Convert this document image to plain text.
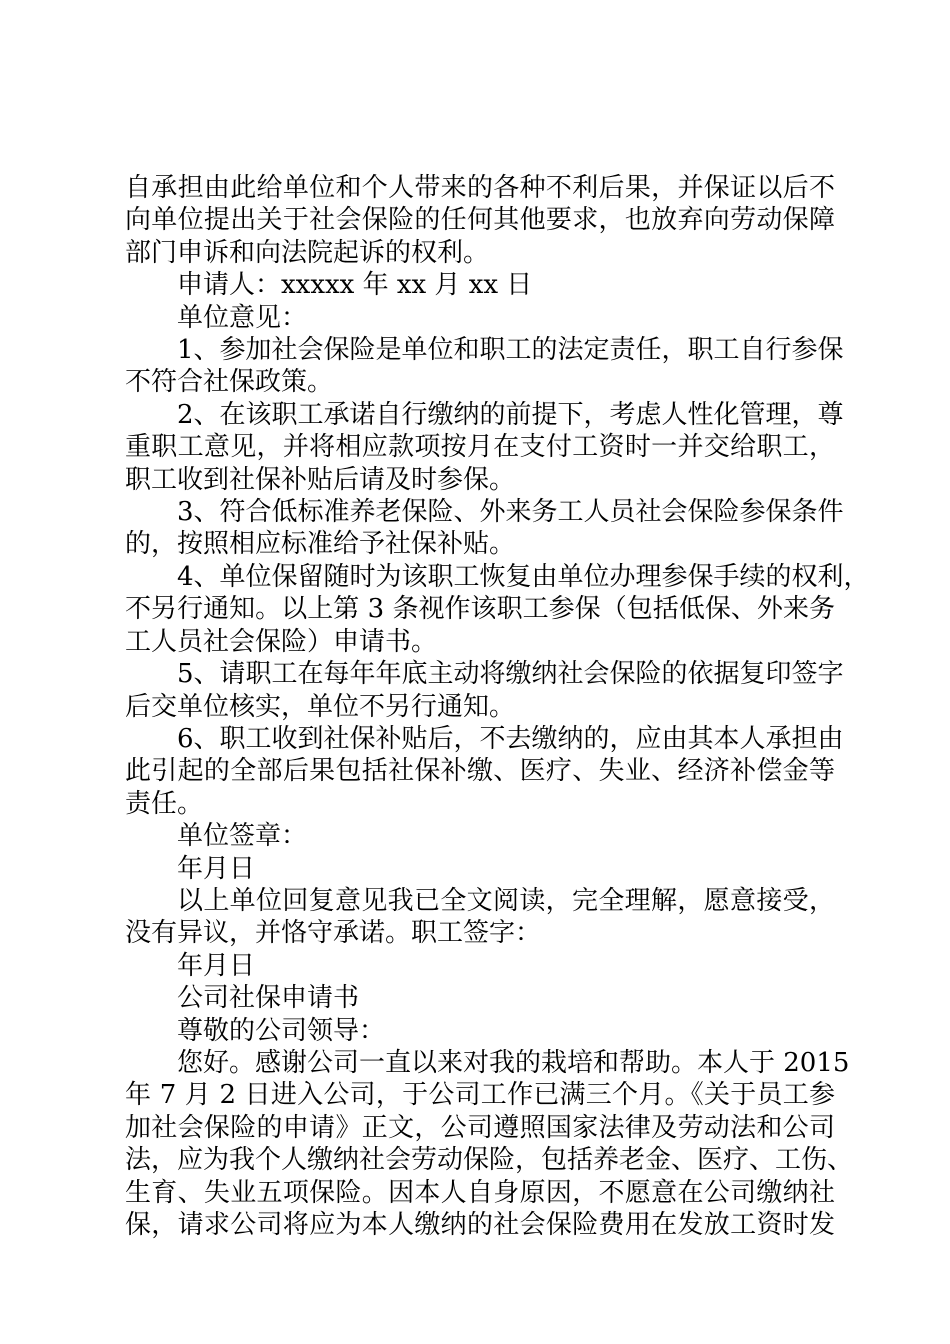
自承担由此给单位和个人带来的各种不利后果，并保证以后不
向单位提出关于社会保险的任何其他要求，也放弃向劳动保障
部门申诉和向法院起诉的权利。
申请人：xxxxx 年 xx 月 xx 日
单位意见：
1、参加社会保险是单位和职工的法定责任，职工自行参保
不符合社保政策。
2、在该职工承诺自行缴纳的前提下，考虑人性化管理，尊
重职工意见，并将相应款项按月在支付工资时一并交给职工，
职工收到社保补贴后请及时参保。
3、符合低标准养老保险、外来务工人员社会保险参保条件
的，按照相应标准给予社保补贴。
4、单位保留随时为该职工恢复由单位办理参保手续的权利，
不另行通知。以上第 3 条视作该职工参保（包括低保、外来务
工人员社会保险）申请书。
5、请职工在每年年底主动将缴纳社会保险的依据复印签字
后交单位核实，单位不另行通知。
6、职工收到社保补贴后，不去缴纳的，应由其本人承担由
此引起的全部后果包括社保补缴、医疗、失业、经济补偿金等
责任。
单位签章：
年月日
以上单位回复意见我已全文阅读，完全理解，愿意接受，
没有异议，并恪守承诺。职工签字：
年月日
公司社保申请书
尊敬的公司领导：
您好。感谢公司一直以来对我的栽培和帮助。本人于 2015
年 7 月 2 日进入公司，于公司工作已满三个月。《关于员工参
加社会保险的申请》正文，公司遵照国家法律及劳动法和公司
法，应为我个人缴纳社会劳动保险，包括养老金、医疗、工伤、
生育、失业五项保险。因本人自身原因，不愿意在公司缴纳社
保，请求公司将应为本人缴纳的社会保险费用在发放工资时发
